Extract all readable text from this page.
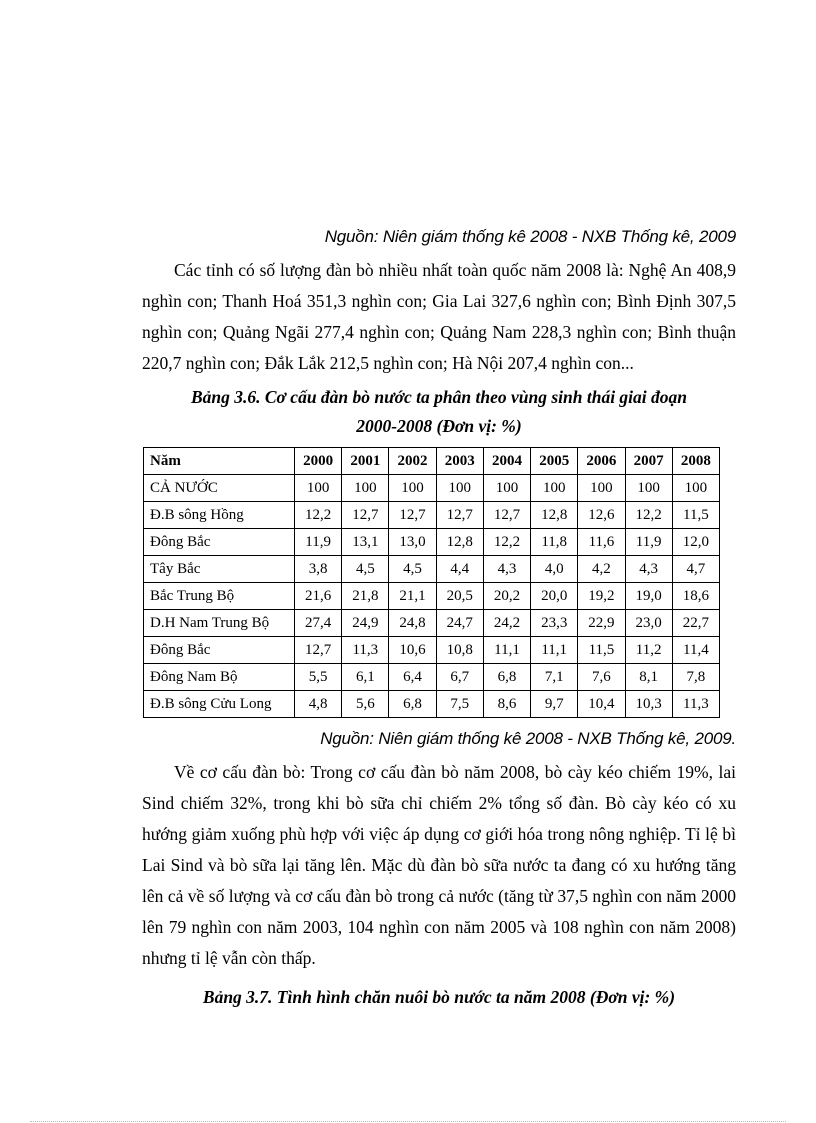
Nguồn: Niên giám thống kê 2008 - NXB Thống kê, 2009

Các tỉnh có số lượng đàn bò nhiều nhất toàn quốc năm 2008 là: Nghệ An 408,9 nghìn con; Thanh Hoá 351,3 nghìn con; Gia Lai 327,6 nghìn con; Bình Định 307,5 nghìn con; Quảng Ngãi 277,4 nghìn con; Quảng Nam 228,3 nghìn con; Bình thuận 220,7 nghìn con; Đắk Lắk 212,5 nghìn con; Hà Nội 207,4 nghìn con...

Bảng 3.6. Cơ cấu đàn bò nước ta phân theo vùng sinh thái giai đoạn
2000-2008 (Đơn vị: %)
Năm	2000	2001	2002	2003	2004	2005	2006	2007	2008
CẢ NƯỚC	100	100	100	100	100	100	100	100	100
Đ.B sông Hồng	12,2	12,7	12,7	12,7	12,7	12,8	12,6	12,2	11,5
Đông Bắc	11,9	13,1	13,0	12,8	12,2	11,8	11,6	11,9	12,0
Tây Bắc	3,8	4,5	4,5	4,4	4,3	4,0	4,2	4,3	4,7
Bắc Trung Bộ	21,6	21,8	21,1	20,5	20,2	20,0	19,2	19,0	18,6
D.H Nam Trung Bộ	27,4	24,9	24,8	24,7	24,2	23,3	22,9	23,0	22,7
Đông Bắc	12,7	11,3	10,6	10,8	11,1	11,1	11,5	11,2	11,4
Đông Nam Bộ	5,5	6,1	6,4	6,7	6,8	7,1	7,6	8,1	7,8
Đ.B sông Cửu Long	4,8	5,6	6,8	7,5	8,6	9,7	10,4	10,3	11,3
Nguồn: Niên giám thống kê 2008 - NXB Thống kê, 2009.

Về cơ cấu đàn bò: Trong cơ cấu đàn bò năm 2008, bò cày kéo chiếm 19%, lai Sind chiếm 32%, trong khi bò sữa chỉ chiếm 2% tổng số đàn. Bò cày kéo có xu hướng giảm xuống phù hợp với việc áp dụng cơ giới hóa trong nông nghiệp. Tỉ lệ bì Lai Sind và bò sữa lại tăng lên. Mặc dù đàn bò sữa nước ta đang có xu hướng tăng lên cả về số lượng và cơ cấu đàn bò trong cả nước (tăng từ 37,5 nghìn con năm 2000 lên 79 nghìn con năm 2003, 104 nghìn con năm 2005 và 108 nghìn con năm 2008) nhưng tỉ lệ vẫn còn thấp.

Bảng 3.7. Tình hình chăn nuôi bò nước ta năm 2008 (Đơn vị: %)
